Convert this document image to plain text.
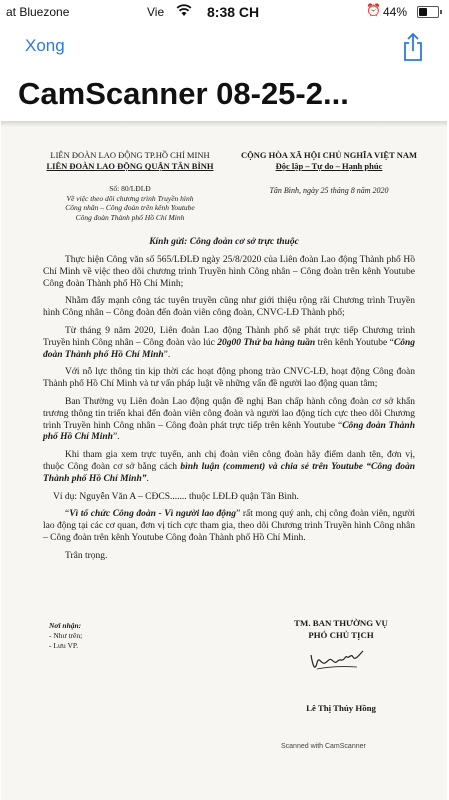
at Bluezone	Vie	8:38 CH	⏰ 44%
Xong
CamScanner 08-25-2...
LIÊN ĐOÀN LAO ĐỘNG TP.HỒ CHÍ MINH
LIÊN ĐOÀN LAO ĐỘNG QUẬN TÂN BÌNH
Số: 80/LĐLĐ
Về việc theo dõi chương trình Truyền hình
Công nhân – Công đoàn trên kênh Youtube
Công đoàn Thành phố Hồ Chí Minh
CỘNG HÒA XÃ HỘI CHỦ NGHĨA VIỆT NAM
Độc lập – Tự do – Hạnh phúc
Tân Bình, ngày 25 tháng 8 năm 2020
Kính gửi: Công đoàn cơ sở trực thuộc

Thực hiện Công văn số 565/LĐLĐ ngày 25/8/2020 của Liên đoàn Lao động Thành phố Hồ Chí Minh về việc theo dõi chương trình Truyền hình Công nhân – Công đoàn trên kênh Youtube Công đoàn Thành phố Hồ Chí Minh;

Nhằm đẩy mạnh công tác tuyên truyền cũng như giới thiệu rộng rãi Chương trình Truyền hình Công nhân – Công đoàn đến đoàn viên công đoàn, CNVC-LĐ Thành phố;

Từ tháng 9 năm 2020, Liên đoàn Lao động Thành phố sẽ phát trực tiếp Chương trình Truyền hình Công nhân – Công đoàn vào lúc 20g00 Thứ ba hàng tuần trên kênh Youtube “Công đoàn Thành phố Hồ Chí Minh”.

Với nỗ lực thông tin kịp thời các hoạt động phong trào CNVC-LĐ, hoạt động Công đoàn Thành phố Hồ Chí Minh và tư vấn pháp luật về những vấn đề người lao động quan tâm;

Ban Thường vụ Liên đoàn Lao động quận đề nghị Ban chấp hành công đoàn cơ sở khẩn trương thông tin triển khai đến đoàn viên công đoàn và người lao động tích cực theo dõi Chương trình Truyền hình Công nhân – Công đoàn phát trực tiếp trên kênh Youtube “Công đoàn Thành phố Hồ Chí Minh”.

Khi tham gia xem trực tuyến, anh chị đoàn viên công đoàn hãy điểm danh tên, đơn vị, thuộc Công đoàn cơ sở bằng cách bình luận (comment) và chia sẻ trên Youtube “Công đoàn Thành phố Hồ Chí Minh”.

Ví dụ: Nguyễn Văn A – CĐCS....... thuộc LĐLĐ quận Tân Bình.

“Vì tổ chức Công đoàn - Vì người lao động” rất mong quý anh, chị công đoàn viên, người lao động tại các cơ quan, đơn vị tích cực tham gia, theo dõi Chương trình Truyền hình Công nhân – Công đoàn trên kênh Youtube Công đoàn Thành phố Hồ Chí Minh.

Trân trọng.

Nơi nhận:
- Như trên;
- Lưu VP.
TM. BAN THƯỜNG VỤ
PHÓ CHỦ TỊCH
Lê Thị Thúy Hồng
Scanned with CamScanner
